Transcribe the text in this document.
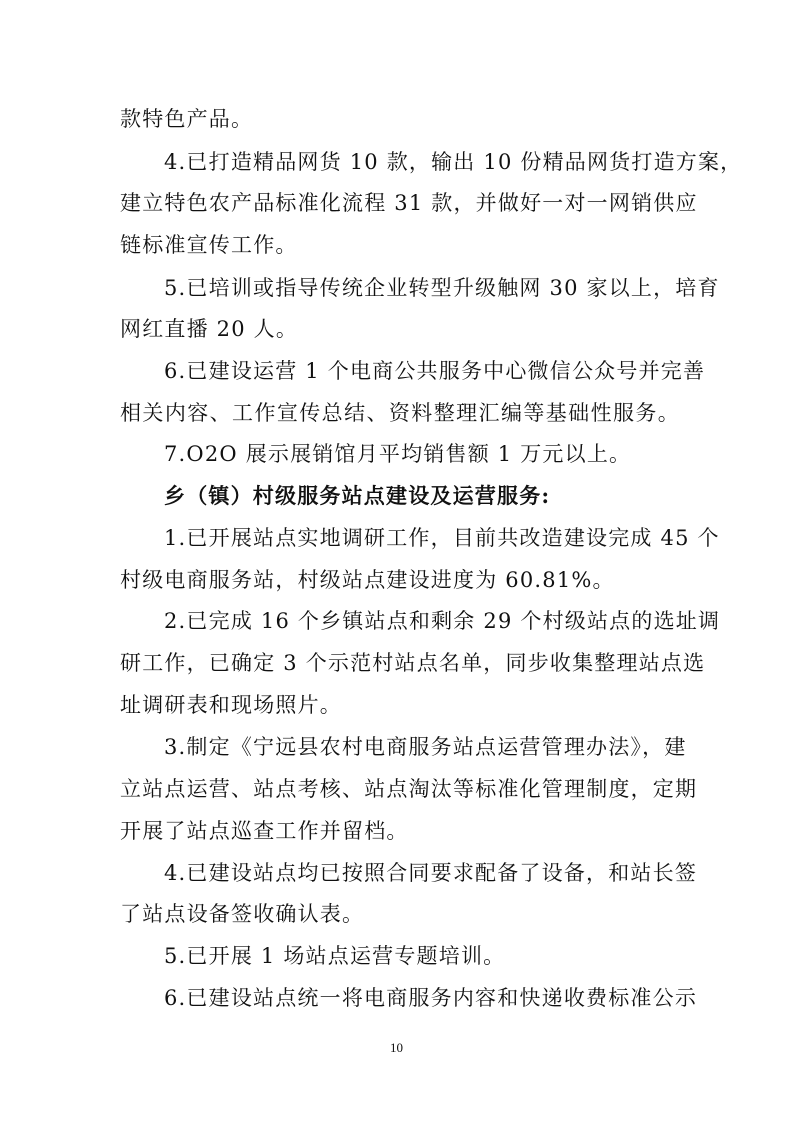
款特色产品。
4.已打造精品网货 10 款，输出 10 份精品网货打造方案，
建立特色农产品标准化流程 31 款，并做好一对一网销供应
链标准宣传工作。
5.已培训或指导传统企业转型升级触网 30 家以上，培育
网红直播 20 人。
6.已建设运营 1 个电商公共服务中心微信公众号并完善
相关内容、工作宣传总结、资料整理汇编等基础性服务。
7.O2O 展示展销馆月平均销售额 1 万元以上。
乡（镇）村级服务站点建设及运营服务:
1.已开展站点实地调研工作，目前共改造建设完成 45 个
村级电商服务站，村级站点建设进度为 60.81%。
2.已完成 16 个乡镇站点和剩余 29 个村级站点的选址调
研工作，已确定 3 个示范村站点名单，同步收集整理站点选
址调研表和现场照片。
3.制定《宁远县农村电商服务站点运营管理办法》，建
立站点运营、站点考核、站点淘汰等标准化管理制度，定期
开展了站点巡查工作并留档。
4.已建设站点均已按照合同要求配备了设备，和站长签
了站点设备签收确认表。
5.已开展 1 场站点运营专题培训。
6.已建设站点统一将电商服务内容和快递收费标准公示
10
